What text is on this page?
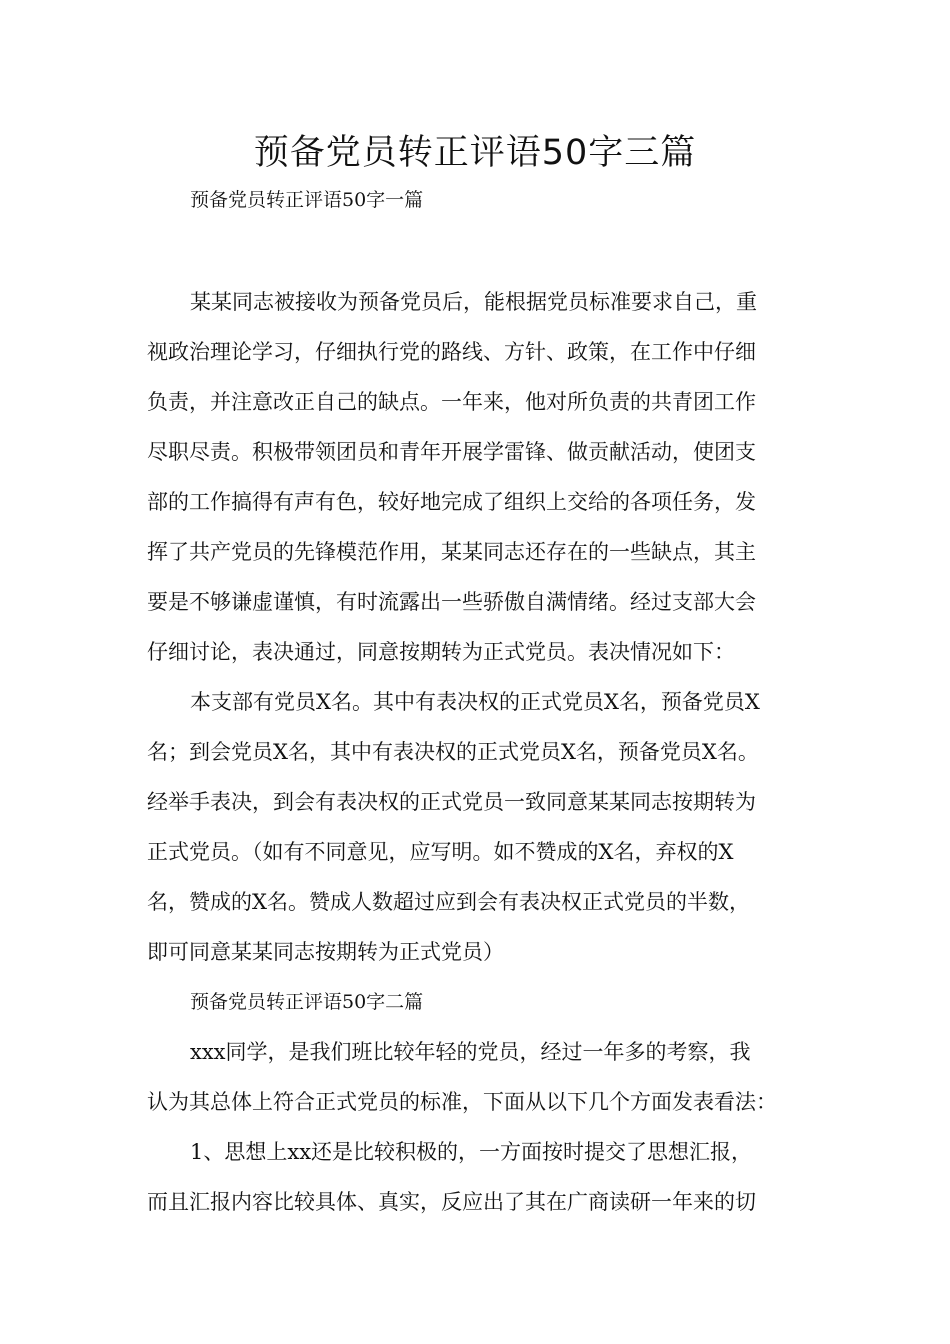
预备党员转正评语50字三篇

预备党员转正评语50字一篇

某某同志被接收为预备党员后，能根据党员标准要求自己，重

视政治理论学习，仔细执行党的路线、方针、政策，在工作中仔细

负责，并注意改正自己的缺点。一年来，他对所负责的共青团工作

尽职尽责。积极带领团员和青年开展学雷锋、做贡献活动，使团支

部的工作搞得有声有色，较好地完成了组织上交给的各项任务，发

挥了共产党员的先锋模范作用，某某同志还存在的一些缺点，其主

要是不够谦虚谨慎，有时流露出一些骄傲自满情绪。经过支部大会

仔细讨论，表决通过，同意按期转为正式党员。表决情况如下：

本支部有党员X名。其中有表决权的正式党员X名，预备党员X

名；到会党员X名，其中有表决权的正式党员X名，预备党员X名。

经举手表决，到会有表决权的正式党员一致同意某某同志按期转为

正式党员。（如有不同意见，应写明。如不赞成的X名，弃权的X

名，赞成的X名。赞成人数超过应到会有表决权正式党员的半数，

即可同意某某同志按期转为正式党员）

预备党员转正评语50字二篇

xxx同学，是我们班比较年轻的党员，经过一年多的考察，我

认为其总体上符合正式党员的标准，下面从以下几个方面发表看法：

1、思想上xx还是比较积极的，一方面按时提交了思想汇报，

而且汇报内容比较具体、真实，反应出了其在广商读研一年来的切
